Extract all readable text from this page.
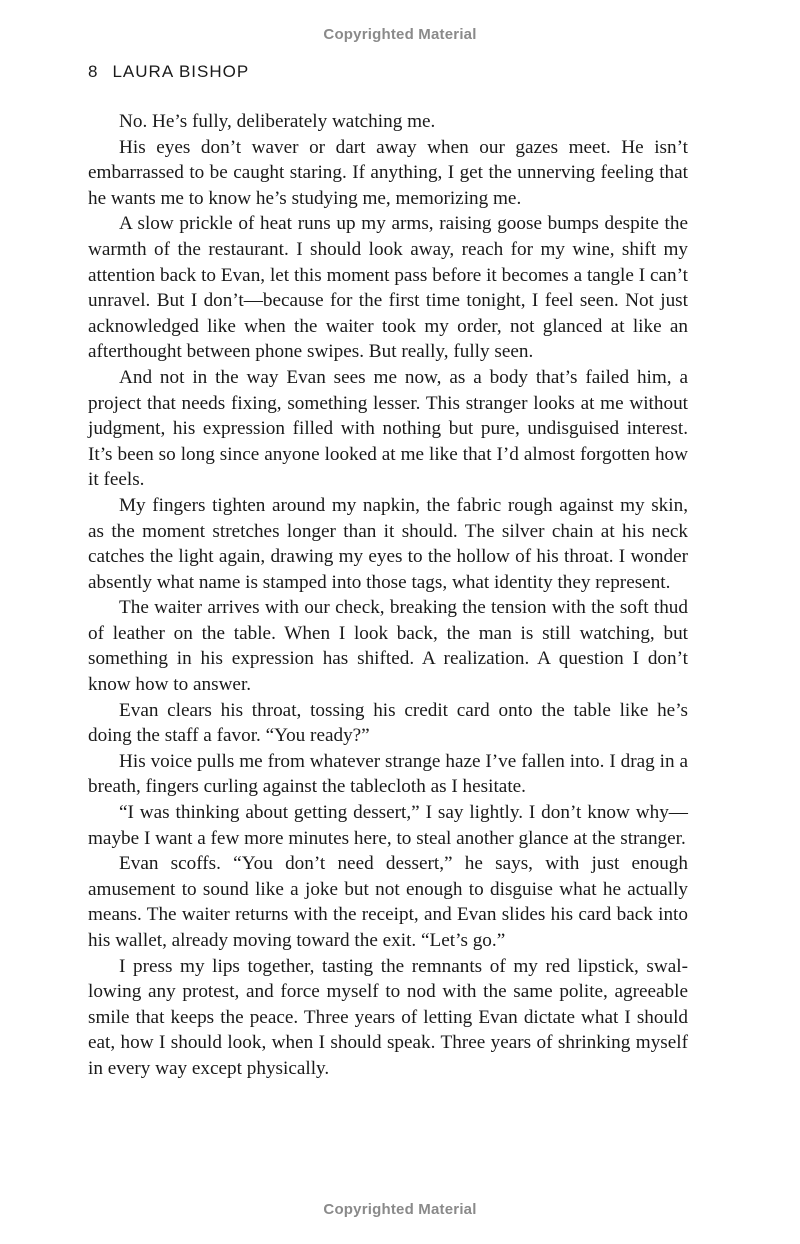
Copyrighted Material
8 LAURA BISHOP

No. He’s fully, deliberately watching me.

His eyes don’t waver or dart away when our gazes meet. He isn’t embarrassed to be caught staring. If anything, I get the unnerving feeling that he wants me to know he’s studying me, memorizing me.

A slow prickle of heat runs up my arms, raising goose bumps despite the warmth of the restaurant. I should look away, reach for my wine, shift my attention back to Evan, let this moment pass before it becomes a tangle I can’t unravel. But I don’t—because for the first time tonight, I feel seen. Not just acknowledged like when the waiter took my order, not glanced at like an afterthought between phone swipes. But really, fully seen.

And not in the way Evan sees me now, as a body that’s failed him, a project that needs fixing, something lesser. This stranger looks at me without judgment, his expression filled with nothing but pure, undisguised interest. It’s been so long since anyone looked at me like that I’d almost forgotten how it feels.

My fingers tighten around my napkin, the fabric rough against my skin, as the moment stretches longer than it should. The silver chain at his neck catches the light again, drawing my eyes to the hollow of his throat. I wonder absently what name is stamped into those tags, what identity they represent.

The waiter arrives with our check, breaking the tension with the soft thud of leather on the table. When I look back, the man is still watching, but something in his expression has shifted. A realization. A question I don’t know how to answer.

Evan clears his throat, tossing his credit card onto the table like he’s doing the staff a favor. “You ready?”

His voice pulls me from whatever strange haze I’ve fallen into. I drag in a breath, fingers curling against the tablecloth as I hesitate.

“I was thinking about getting dessert,” I say lightly. I don’t know why—maybe I want a few more minutes here, to steal another glance at the stranger.

Evan scoffs. “You don’t need dessert,” he says, with just enough amusement to sound like a joke but not enough to disguise what he actually means. The waiter returns with the receipt, and Evan slides his card back into his wallet, already moving toward the exit. “Let’s go.”

I press my lips together, tasting the remnants of my red lipstick, swallowing any protest, and force myself to nod with the same polite, agreeable smile that keeps the peace. Three years of letting Evan dictate what I should eat, how I should look, when I should speak. Three years of shrinking myself in every way except physically.

Copyrighted Material
